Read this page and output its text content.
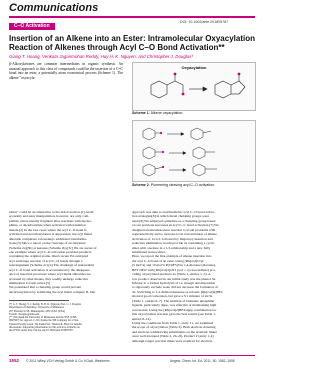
Communications
DOI: 10.1002/anie.201805787
C–O Activation
Insertion of an Alkene into an Ester: Intramolecular Oxyacylation Reaction of Alkenes through Acyl C–O Bond Activation**
Giang T. Hoang, Venkata Jaganmohan Reddy, Huy H. K. Nguyen, and Christopher J. Douglas*
β-Alkoxyketones are common intermediates in organic synthesis. An unusual approach to this class of compounds could be the insertion of a C=C bond into an ester, a potentially atom economical process (Scheme 1). The alkene "oxyacyla-
Oxyacylation
Scheme 1. Alkene oxyacylation.
Scheme 2. Pioneering cleaving acyl C–O activation.
lation" could be an alternative to the aldol reaction.[1] Atom
economy and ester manipulation, however, are only com-
patible; esters usually fragment after reactions with nucleo-
philes, or decarbonylate when activated with transition
metals.[2] In the rare cases where the acyl C–O bond is
activated and decarbonylation is suppressed, the acyl metal
alkoxide complexes can undergo additional transforma-
tions.[3] Since a report on the cleavage of an alkylated
(Scheme 2a)[3b] or ketones (Scheme 2b),[3c] We are aware of
one example where acyl C–O activation provided products
containing the original atoms. Oku's recent Pd-catalyzed
acyl exchange reaction of acyl C–O bonds through a
rearrangement (Scheme 2c).[4] The challenge of preferential
acyl C–O bond activation is accentuated by the disappear-
ance of insertion processes where acyl metal alkoxides are
accessed by other means, they readily undergo reductive
elimination to form esters.[5]
We postulated that a chelating group would prevent
decarbonylation by stabilizing the acyl metal complex D. Our
approach was akin to stoichiometric acyl C–O bond activa-
tion strategies[6] in which metal chelating groups were
used.[6] We employed quinoline as a chelating group based
on our previous successes in acyl C–C bond activation.[7] We
designed an intramolecular reaction to avoid problems with
regioselectivity and to increase local concentration of alkene.
Activation of 1a to L followed by migratory insertion and
reductive elimination would provide 2a containing a cyclic
ether with a ketone in a 1,3-relationship and a new fully
substituted stereocenter.
Here, we report the first example of alkene insertion into
the acyl C–O bond of an ester. Using [Rh(cod)Cl]2
(5 mol%) and 10 mol% P(C6F5)3 in 1,4-dioxane (dioxane),
BF3·OEt2 with [Rh(cod)2]OTf (cod = cyclooctadiene) pro-
viding oxyacylated products 2a (Table 1, entries 1–5). A
low product observed in our initial study was the phenol 3a.
Inferior to a formal hydrolysis of 1a, though decomposition
to rigorously exclude water did not decrease the formation of
3a. Switching to 1,2-dichlorobenzene as solvent, [Rh(cod)2]BF4
showed good conversion, but gave a 3:1 mixture of 2a:3a
(Table 1, entries 6–7). The addition of bidentate phosphine
ligands, particularly dppp, was effective at maintaining high
conversion. Using the [Rh(cod)2]BF4/dppp combination for
this oxyacylation reaction gave the best results (see Table 1,
entries 8–12).
Using the conditions from Table 1, entry 11, we examined
the scope of oxyacylation (Table 2). Both electron-donating
and electron-withdrawing substituents on the aromatic linker
were well tolerated (Table 2, 2b–2f). Product 2 (entry 1-4)
although longer reaction times were required for electron-
[*] G. T. Hoang, V. J. Reddy, H. H. K. Nguyen, Prof. C. J. Douglas
Department of Chemistry, University of Minnesota
207 Pleasant St SE, Minneapolis, MN 55455 (USA)
E-mail: cdouglas@umn.edu
[**] We thank the University of Minnesota and the NSF (CHE-
0847907) for support. C.J.D. thanks the 3M Company for a Non-
Tenured Faculty Grant. We thank Prof. Thomas R. Hoye for helpful
discussions. Supporting information for this article is available on
the WWW under http://dx.doi.org/10.1002/anie.201805787.
1552 © 2011 Wiley-VCH Verlag GmbH & Co. KGaA, Weinheim	Angew. Chem. Int. Ed. 2011, 50, 1552–1555
